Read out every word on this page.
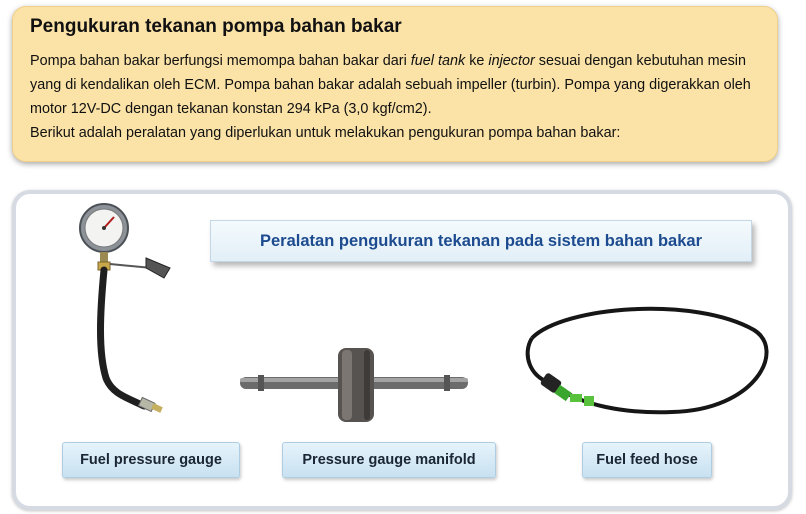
Pengukuran tekanan pompa bahan bakar

Pompa bahan bakar berfungsi memompa bahan bakar dari fuel tank ke injector sesuai dengan kebutuhan mesin yang di kendalikan oleh ECM. Pompa bahan bakar adalah sebuah impeller (turbin). Pompa yang digerakkan oleh motor 12V-DC dengan tekanan konstan 294 kPa (3,0 kgf/cm2).

Berikut adalah peralatan yang diperlukan untuk melakukan pengukuran pompa bahan bakar:

Peralatan pengukuran tekanan pada sistem bahan bakar
Fuel pressure gauge	Pressure gauge manifold	Fuel feed hose
